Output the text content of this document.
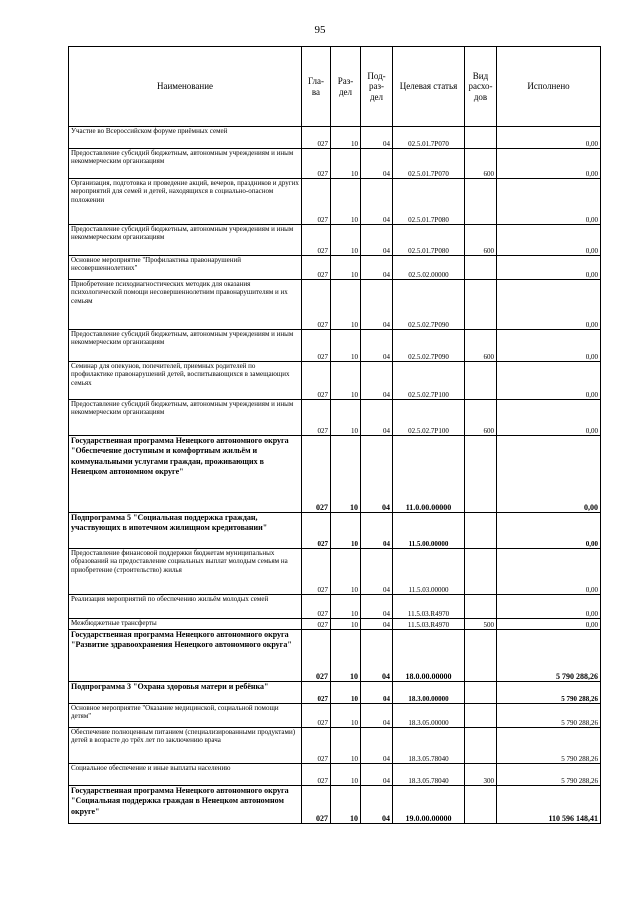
95
Наименование	Гла- ва	Раз- дел	Под- раз- дел	Целевая статья	Вид расхо- дов	Исполнено
Участие во Всероссийском форуме приёмных семей	027	10	04	02.5.01.7Р070		0,00
Предоставление субсидий бюджетным, автономным учреждениям и иным некоммерческим организациям	027	10	04	02.5.01.7Р070	600	0,00
Организация, подготовка и проведение акций, вечеров, праздников и других мероприятий для семей и детей, находящихся в социально-опасном положении	027	10	04	02.5.01.7Р080		0,00
Предоставление субсидий бюджетным, автономным учреждениям и иным некоммерческим организациям	027	10	04	02.5.01.7Р080	600	0,00
Основное мероприятие "Профилактика правонарушений несовершеннолетних"	027	10	04	02.5.02.00000		0,00
Приобретение психодиагностических методик для оказания психологической помощи несовершеннолетним правонарушителям и их семьям	027	10	04	02.5.02.7Р090		0,00
Предоставление субсидий бюджетным, автономным учреждениям и иным некоммерческим организациям	027	10	04	02.5.02.7Р090	600	0,00
Семинар для опекунов, попечителей, приемных родителей по профилактике правонарушений детей, воспитывающихся в замещающих семьях	027	10	04	02.5.02.7Р100		0,00
Предоставление субсидий бюджетным, автономным учреждениям и иным некоммерческим организациям	027	10	04	02.5.02.7Р100	600	0,00
Государственная программа Ненецкого автономного округа "Обеспечение доступным и комфортным жильём и коммунальными услугами граждан, проживающих в Ненецком автономном округе"	027	10	04	11.0.00.00000		0,00
Подпрограмма 5 "Социальная поддержка граждан, участвующих в ипотечном жилищном кредитовании"	027	10	04	11.5.00.00000		0,00
Предоставление финансовой поддержки бюджетам муниципальных образований на предоставление социальных выплат молодым семьям на приобретение (строительство) жилья	027	10	04	11.5.03.00000		0,00
Реализация мероприятий по обеспечению жильём молодых семей	027	10	04	11.5.03.R4970		0,00
Межбюджетные трансферты	027	10	04	11.5.03.R4970	500	0,00
Государственная программа Ненецкого автономного округа "Развитие здравоохранения Ненецкого автономного округа"	027	10	04	18.0.00.00000		5 790 288,26
Подпрограмма 3 "Охрана здоровья матери и ребёнка"	027	10	04	18.3.00.00000		5 790 288,26
Основное мероприятие "Оказание медицинской, социальной помощи детям"	027	10	04	18.3.05.00000		5 790 288,26
Обеспечение полноценным питанием (специализированными продуктами) детей в возрасте до трёх лет по заключению врача	027	10	04	18.3.05.78040		5 790 288,26
Социальное обеспечение и иные выплаты населению	027	10	04	18.3.05.78040	300	5 790 288,26
Государственная программа Ненецкого автономного округа "Социальная поддержка граждан в Ненецком автономном округе"	027	10	04	19.0.00.00000		110 596 148,41
